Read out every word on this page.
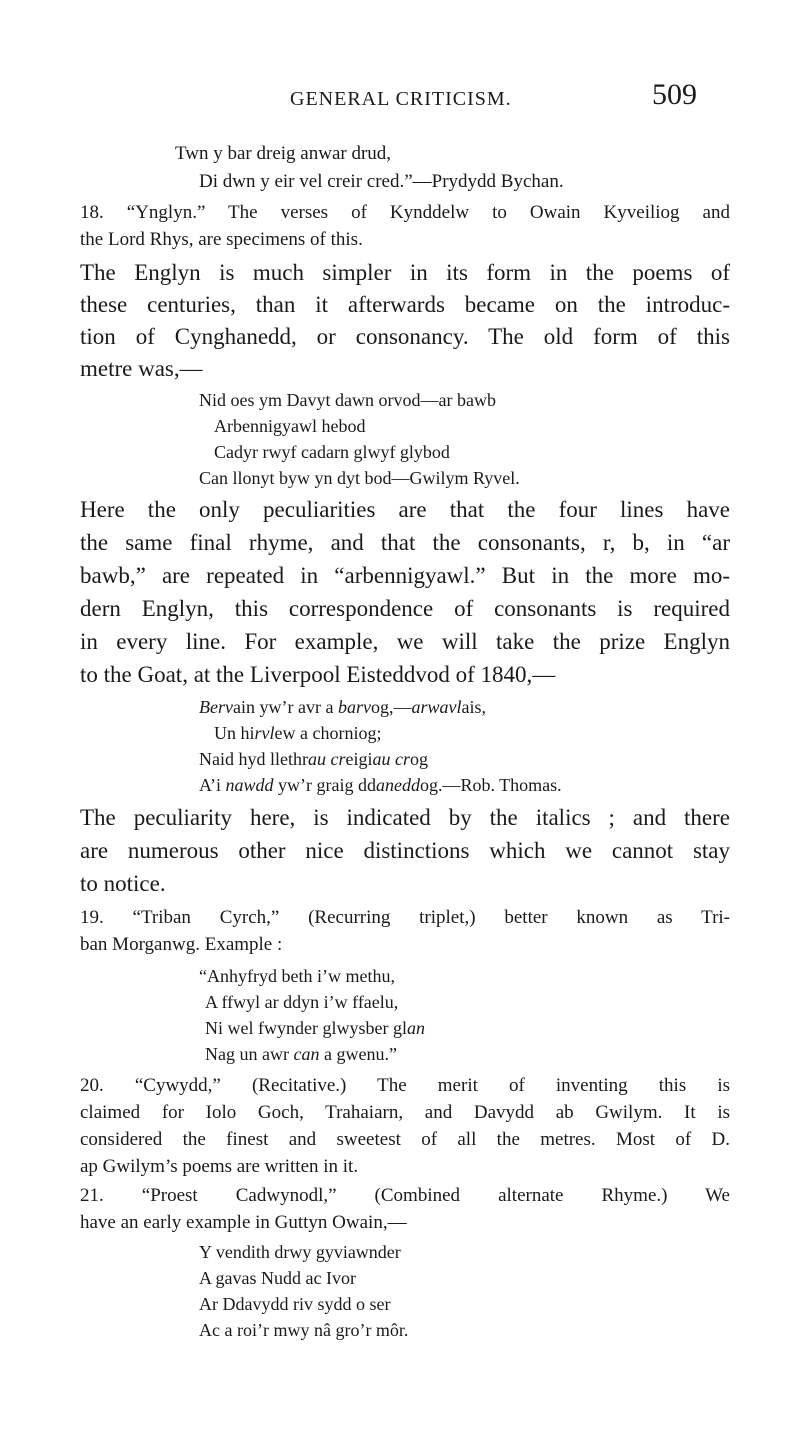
GENERAL CRITICISM.	509
Twn y bar dreig anwar drud,
Di dwn y eir vel creir cred.”—Prydydd Bychan.
18. “Ynglyn.” The verses of Kynddelw to Owain Kyveiliog and
the Lord Rhys, are specimens of this.
The Englyn is much simpler in its form in the poems of
these centuries, than it afterwards became on the introduc-
tion of Cynghanedd, or consonancy. The old form of this
metre was,—
Nid oes ym Davyt dawn orvod—ar bawb
Arbennigyawl hebod
Cadyr rwyf cadarn glwyf glybod
Can llonyt byw yn dyt bod—Gwilym Ryvel.
Here the only peculiarities are that the four lines have
the same final rhyme, and that the consonants, r, b, in “ar
bawb,” are repeated in “arbennigyawl.” But in the more mo-
dern Englyn, this correspondence of consonants is required
in every line. For example, we will take the prize Englyn
to the Goat, at the Liverpool Eisteddvod of 1840,—
Bervain yw’r avr a barvog,—arwavlais,
Un hirvlew a chorniog;
Naid hyd llethrau creigiau crog
A’i nawdd yw’r graig ddaneddog.—Rob. Thomas.
The peculiarity here, is indicated by the italics ; and there
are numerous other nice distinctions which we cannot stay
to notice.
19. “Triban Cyrch,” (Recurring triplet,) better known as Tri-
ban Morganwg. Example :
“Anhyfryd beth i’w methu,
A ffwyl ar ddyn i’w ffaelu,
Ni wel fwynder glwysber glan
Nag un awr can a gwenu.”
20. “Cywydd,” (Recitative.) The merit of inventing this is
claimed for Iolo Goch, Trahaiarn, and Davydd ab Gwilym. It is
considered the finest and sweetest of all the metres. Most of D.
ap Gwilym’s poems are written in it.
21. “Proest Cadwynodl,” (Combined alternate Rhyme.) We
have an early example in Guttyn Owain,—
Y vendith drwy gyviawnder
A gavas Nudd ac Ivor
Ar Ddavydd riv sydd o ser
Ac a roi’r mwy nâ gro’r môr.
